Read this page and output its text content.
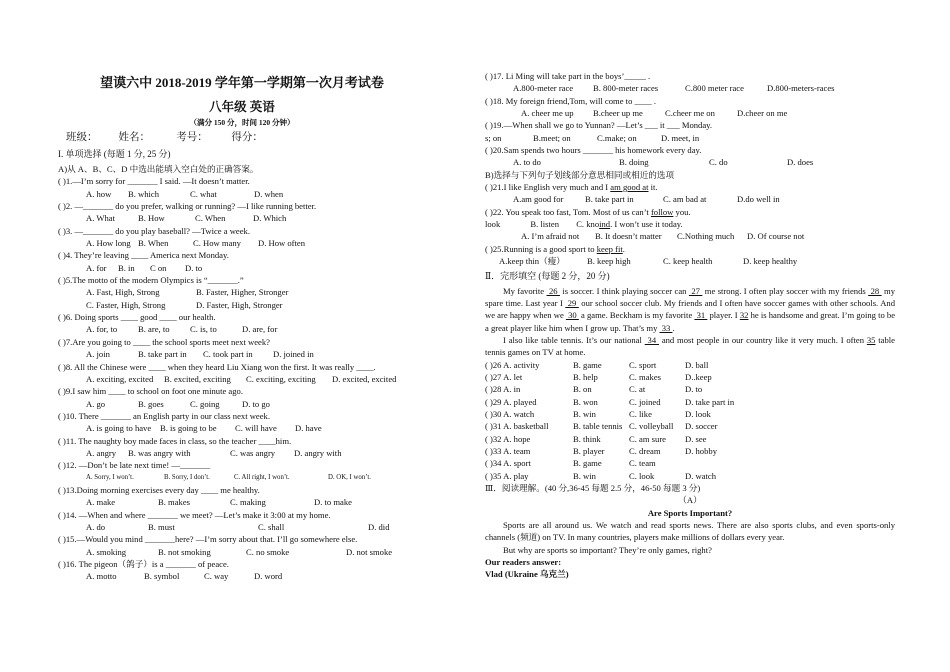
望谟六中 2018-2019 学年第一学期第一次月考试卷
八年级 英语
（满分 150 分，时间 120 分钟）
班级：        姓名：          考号：         得分：
I. 单项选择 (每题 1 分, 25 分)
A)从 A、B、C、D 中选出能填入空白处的正确答案。
( )1.—I’m sorry for _______ I said. —It doesn’t matter.
A. how B. which	C. what	D. when
( )2. —_______ do you prefer, walking or running? —I like running better.
A. What	B. How	C. When	D. Which
( )3. —_______ do you play baseball? —Twice a week.
A. How long B. When	C. How many D. How often
( )4. They’re leaving ____ America next Monday.
A. for B. in C on D. to
( )5.The motto of the modern Olympics is “_______.”
A. Fast, High, Strong	B. Faster, Higher, Stronger
C. Faster, High, Strong	D. Faster, High, Stronger
( )6. Doing sports ____ good ____ our health.
A. for, to B. are, to C. is, to	D. are, for
( )7.Are you going to ____ the school sports meet next week?
A. join	B. take part in C. took part in D. joined in
( )8. All the Chinese were ____ when they heard Liu Xiang won the first. It was really ____.
A. exciting, excited B. excited, exciting C. exciting, exciting D. excited, excited
( )9.I saw him ____ to school on foot one minute ago.
A. go	B. goes	C. going	D. to go
( )10. There _______ an English party in our class next week.
A. is going to have B. is going to be C. will have D. have
( )11. The naughty boy made faces in class, so the teacher ____him.
A. angry B. was angry with	C. was angry D. angry with
( )12. —Don’t be late next time! —_______
A. Sorry, I won’t.	B. Sorry, I don’t.	C. All right, I won’t.	D. OK, I won’t.
( )13.Doing morning exercises every day ____ me healthy.
A. make	B. makes	C. making	D. to make
( )14. —When and where _______ we meet? —Let’s make it 3:00 at my home.
A. do	B. must	C. shall	D. did
( )15.—Would you mind _______here? —I’m sorry about that. I’ll go somewhere else.
A. smoking	B. not smoking	C. no smoke	D. not smoke
( )16. The pigeon（鸽子）is a _______ of peace.
A. motto	B. symbol	C. way	D. word
( )17. Li Ming will take part in the boys’_____ .
A.800-meter race B. 800-meter races	C.800 meter race	D.800-meters-races
( )18. My foreign friend,Tom, will come to ____ .
A. cheer me up B.cheer up me	C.cheer me on	D.cheer on me
( )19.—When shall we go to Yunnan? —Let’s ___ it ___ Monday.
s; on	B.meet; on	C.make; on	D. meet, in
( )20.Sam spends two hours _______ his homework every day.
A. to do	B. doing	C. do	D. does
B)选择与下列句子划线部分意思相同或相近的选项
( )21.I like English very much and I am good at it.
A.am good for	B. take part in	C. am bad at	D.do well in
( )22. You speak too fast, Tom. Most of us can’t follow you.
look              B. listen        C. knoind. I won’t use it today.
A. I’m afraid not B. It doesn’t matter C.Nothing much D. Of course not
( )25.Running is a good sport to keep fit.
A.keep thin（瘦）	B. keep high	C. keep health	D. keep healthy
Ⅱ．完形填空 (每题 2 分，20 分)
My favorite  26  is soccer. I think playing soccer can  27  me strong. I often play soccer with my friends  28  my spare time. Last year I  29  our school soccer club. My friends and I often have soccer games with other schools. And we are happy when we  30  a game. Beckham is my favorite  31  player. I 32 he is handsome and great. I’m going to be a great player like him when I grow up. That’s my  33 .
I also like table tennis. It’s our national  34  and most people in our country like it very much. I often 35 table tennis games on TV at home.
( )26 A. activity	B. game	C. sport	D. ball
( )27 A. let	B. help	C. makes	D..keep
( )28 A. in	B. on	C. at	D. to
( )29 A. played	B. won	C. joined	D. take part in
( )30 A. watch	B. win	C. like	D. look
( )31 A. basketball	B. table tennis	C. volleyball	D. soccer
( )32 A. hope	B. think	C. am sure	D. see
( )33 A. team	B. player	C. dream	D. hobby
( )34 A. sport	B. game	C. team	
( )35 A. play	B. win	C. look	D. watch
Ⅲ．阅读理解。(40 分,36-45 每题 2.5 分，46-50 每题 3 分)
（A）
Are Sports Important?
Sports are all around us. We watch and read sports news. There are also sports clubs, and even sports-only channels (频道) on TV. In many countries, players make millions of dollars every year.
But why are sports so important? They’re only games, right?
Our readers answer:
Vlad (Ukraine 乌克兰)
